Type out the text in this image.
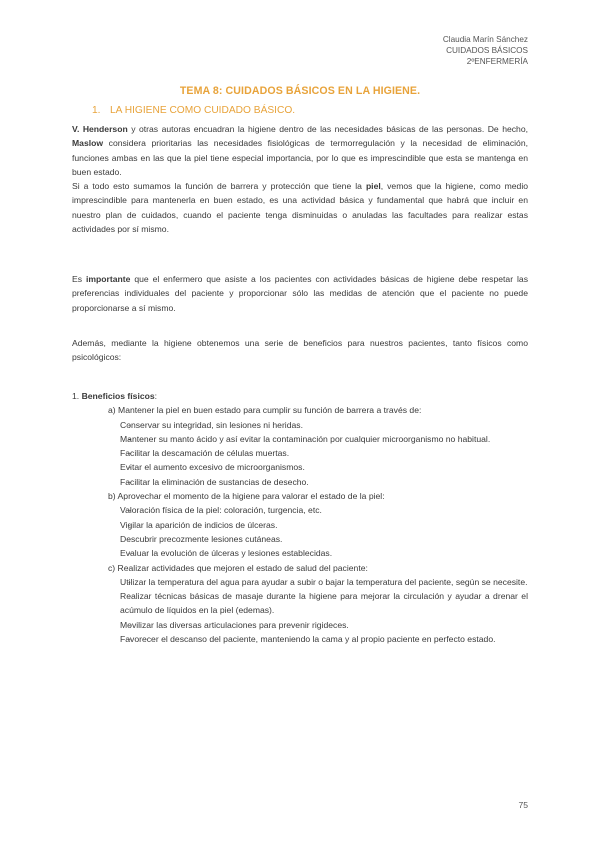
Claudia Marín Sánchez
CUIDADOS BÁSICOS
2ºENFERMERÍA
TEMA 8: CUIDADOS BÁSICOS EN LA HIGIENE.
1. LA HIGIENE COMO CUIDADO BÁSICO.

V. Henderson y otras autoras encuadran la higiene dentro de las necesidades básicas de las personas. De hecho, Maslow considera prioritarias las necesidades fisiológicas de termorregulación y la necesidad de eliminación, funciones ambas en las que la piel tiene especial importancia, por lo que es imprescindible que esta se mantenga en buen estado.

Si a todo esto sumamos la función de barrera y protección que tiene la piel, vemos que la higiene, como medio imprescindible para mantenerla en buen estado, es una actividad básica y fundamental que habrá que incluir en nuestro plan de cuidados, cuando el paciente tenga disminuidas o anuladas las facultades para realizar estas actividades por sí mismo.

Es importante que el enfermero que asiste a los pacientes con actividades básicas de higiene debe respetar las preferencias individuales del paciente y proporcionar sólo las medidas de atención que el paciente no puede proporcionarse a sí mismo.

Además, mediante la higiene obtenemos una serie de beneficios para nuestros pacientes, tanto físicos como psicológicos:

1. Beneficios físicos:

a) Mantener la piel en buen estado para cumplir su función de barrera a través de:

- Conservar su integridad, sin lesiones ni heridas.
- Mantener su manto ácido y así evitar la contaminación por cualquier microorganismo no habitual.
- Facilitar la descamación de células muertas.
- Evitar el aumento excesivo de microorganismos.
- Facilitar la eliminación de sustancias de desecho.

b) Aprovechar el momento de la higiene para valorar el estado de la piel:

- Valoración física de la piel: coloración, turgencia, etc.
- Vigilar la aparición de indicios de úlceras.
- Descubrir precozmente lesiones cutáneas.
- Evaluar la evolución de úlceras y lesiones establecidas.

c) Realizar actividades que mejoren el estado de salud del paciente:

- Utilizar la temperatura del agua para ayudar a subir o bajar la temperatura del paciente, según se necesite.
- Realizar técnicas básicas de masaje durante la higiene para mejorar la circulación y ayudar a drenar el acúmulo de líquidos en la piel (edemas).
- Movilizar las diversas articulaciones para prevenir rigideces.
- Favorecer el descanso del paciente, manteniendo la cama y al propio paciente en perfecto estado.
75
